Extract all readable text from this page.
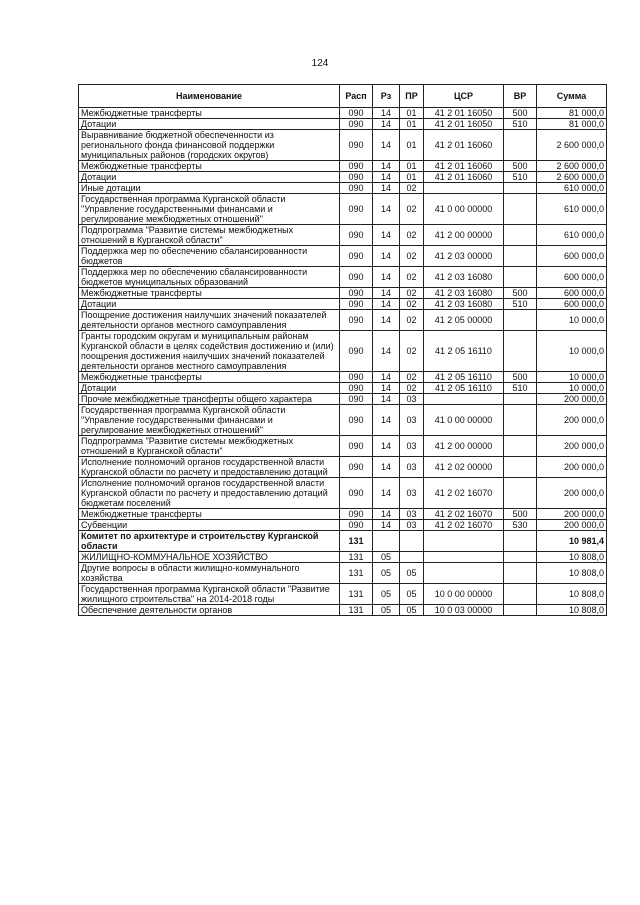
124
Наименование	Расп	Рз	ПР	ЦСР	ВР	Сумма
Межбюджетные трансферты	090	14	01	41 2 01 16050	500	81 000,0
Дотации	090	14	01	41 2 01 16050	510	81 000,0
Выравнивание бюджетной обеспеченности из регионального фонда финансовой поддержки муниципальных районов (городских округов)	090	14	01	41 2 01 16060		2 600 000,0
Межбюджетные трансферты	090	14	01	41 2 01 16060	500	2 600 000,0
Дотации	090	14	01	41 2 01 16060	510	2 600 000,0
Иные дотации	090	14	02			610 000,0
Государственная программа Курганской области "Управление государственными финансами и регулирование межбюджетных отношений"	090	14	02	41 0 00 00000		610 000,0
Подпрограмма "Развитие системы межбюджетных отношений в Курганской области"	090	14	02	41 2 00 00000		610 000,0
Поддержка мер по обеспечению сбалансированности бюджетов	090	14	02	41 2 03 00000		600 000,0
Поддержка мер по обеспечению сбалансированности бюджетов муниципальных образований	090	14	02	41 2 03 16080		600 000,0
Межбюджетные трансферты	090	14	02	41 2 03 16080	500	600 000,0
Дотации	090	14	02	41 2 03 16080	510	600 000,0
Поощрение достижения наилучших значений показателей деятельности органов местного самоуправления	090	14	02	41 2 05 00000		10 000,0
Гранты городским округам и муниципальным районам Курганской области в целях содействия достижению и (или) поощрения достижения наилучших значений показателей деятельности органов местного самоуправления	090	14	02	41 2 05 16110		10 000,0
Межбюджетные трансферты	090	14	02	41 2 05 16110	500	10 000,0
Дотации	090	14	02	41 2 05 16110	510	10 000,0
Прочие межбюджетные трансферты общего характера	090	14	03			200 000,0
Государственная программа Курганской области "Управление государственными финансами и регулирование межбюджетных отношений"	090	14	03	41 0 00 00000		200 000,0
Подпрограмма "Развитие системы межбюджетных отношений в Курганской области"	090	14	03	41 2 00 00000		200 000,0
Исполнение полномочий органов государственной власти Курганской области по расчету и предоставлению дотаций	090	14	03	41 2 02 00000		200 000,0
Исполнение полномочий органов государственной власти Курганской области по расчету и предоставлению дотаций бюджетам поселений	090	14	03	41 2 02 16070		200 000,0
Межбюджетные трансферты	090	14	03	41 2 02 16070	500	200 000,0
Субвенции	090	14	03	41 2 02 16070	530	200 000,0
Комитет по архитектуре и строительству Курганской области	131					10 981,4
ЖИЛИЩНО-КОММУНАЛЬНОЕ ХОЗЯЙСТВО	131	05				10 808,0
Другие вопросы в области жилищно-коммунального хозяйства	131	05	05			10 808,0
Государственная программа Курганской области "Развитие жилищного строительства" на 2014-2018 годы	131	05	05	10 0 00 00000		10 808,0
Обеспечение деятельности органов	131	05	05	10 0 03 00000		10 808,0
